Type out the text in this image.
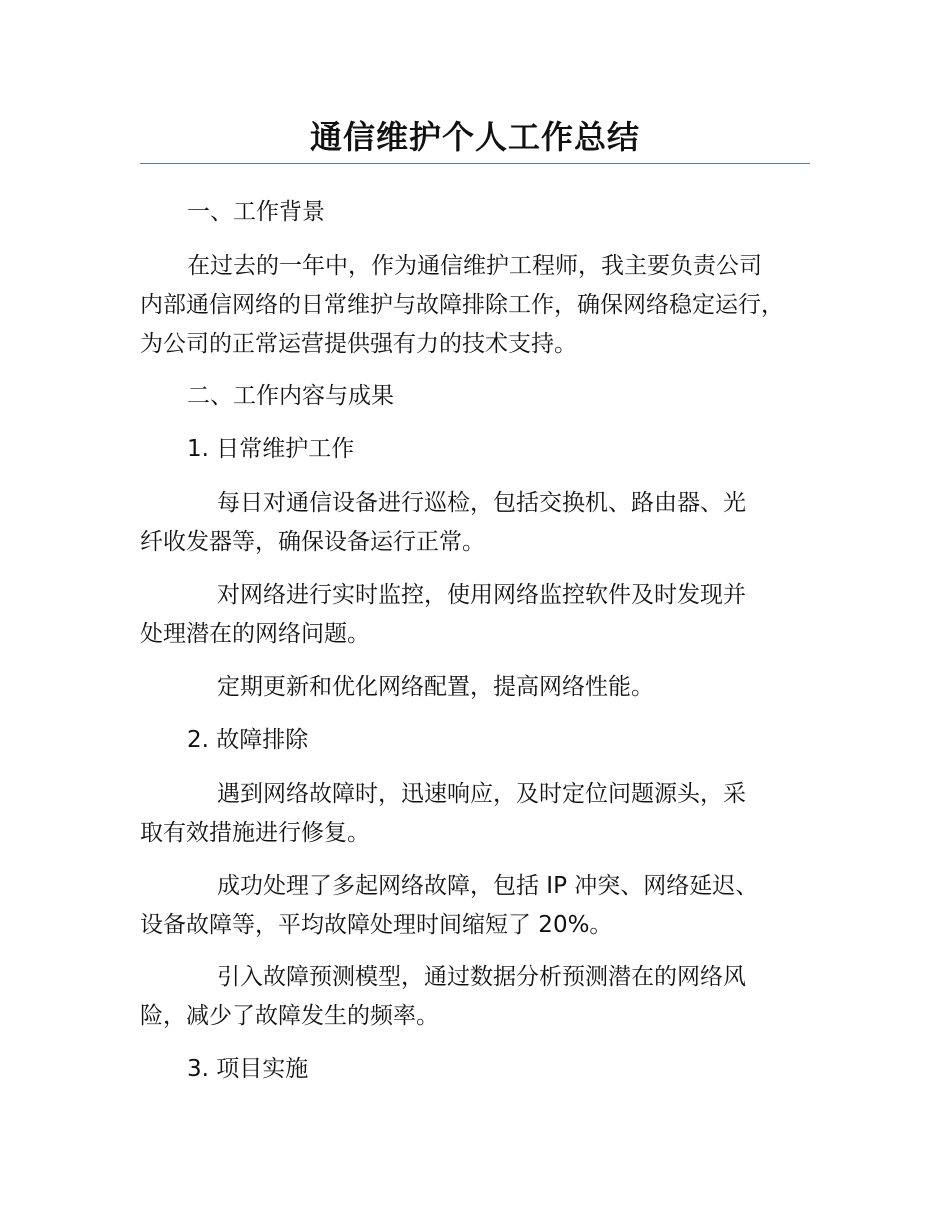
通信维护个人工作总结

一、工作背景

在过去的一年中，作为通信维护工程师，我主要负责公司
内部通信网络的日常维护与故障排除工作，确保网络稳定运行，
为公司的正常运营提供强有力的技术支持。

二、工作内容与成果

1. 日常维护工作

每日对通信设备进行巡检，包括交换机、路由器、光
纤收发器等，确保设备运行正常。

对网络进行实时监控，使用网络监控软件及时发现并
处理潜在的网络问题。

定期更新和优化网络配置，提高网络性能。

2. 故障排除

遇到网络故障时，迅速响应，及时定位问题源头，采
取有效措施进行修复。

成功处理了多起网络故障，包括 IP 冲突、网络延迟、
设备故障等，平均故障处理时间缩短了 20%。

引入故障预测模型，通过数据分析预测潜在的网络风
险，减少了故障发生的频率。

3. 项目实施
